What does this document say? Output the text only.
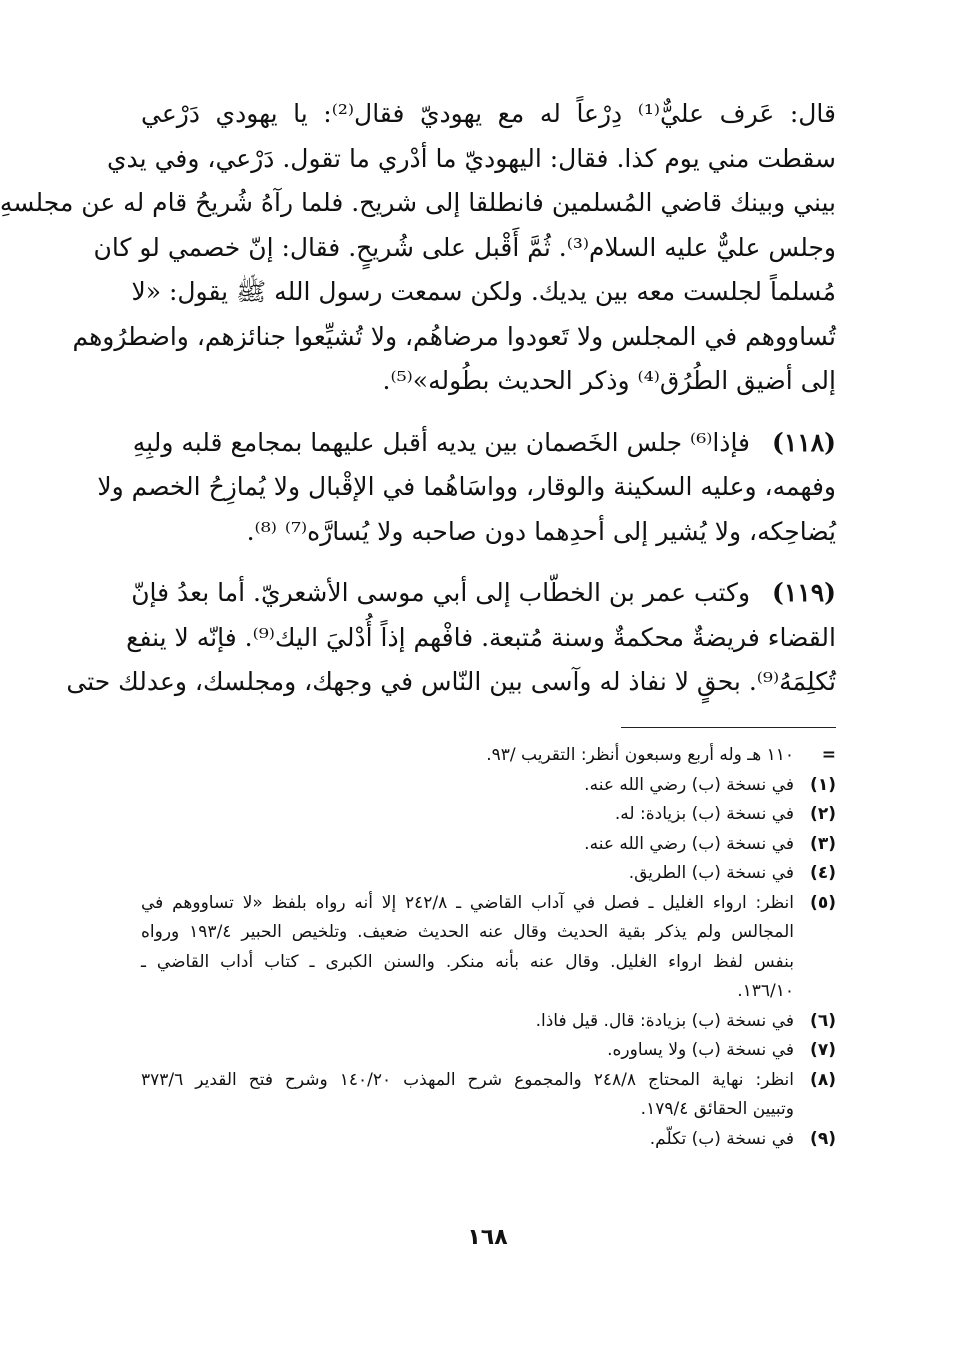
قال: عَرف عليٌّ⁽¹⁾ دِرْعاً له مع يهوديّ فقال⁽²⁾: يا يهودي دَرْعي
سقطت مني يوم كذا. فقال: اليهوديّ ما أدْري ما تقول. دَرْعي، وفي يدي
بيني وبينك قاضي المُسلمين فانطلقا إلى شريح. فلما رآهُ شُريحُ قام له عن مجلسهِ
وجلس عليٌّ عليه السلام⁽³⁾. ثُمَّ أَقْبل على شُريحٍ. فقال: إنّ خصمي لو كان
مُسلماً لجلست معه بين يديك. ولكن سمعت رسول الله ﷺ يقول: «لا
تُساووهم في المجلس ولا تَعودوا مرضاهُم، ولا تُشيِّعوا جنائزهم، واضطرُوهم
إلى أضيق الطُرُق⁽⁴⁾ وذكر الحديث بطُوله»⁽⁵⁾.
(١١٨)فإذا⁽⁶⁾ جلس الخَصمان بين يديه أقبل عليهما بمجامع قلبه ولبِهِ
وفهمه، وعليه السكينة والوقار، وواسَاهُما في الإقْبال ولا يُمازِحُ الخصم ولا
يُضاحِكه، ولا يُشير إلى أحدِهما دون صاحبه ولا يُسارَّه⁽⁷⁾ ⁽⁸⁾.
(١١٩)وكتب عمر بن الخطّاب إلى أبي موسى الأشعريّ. أما بعدُ فإنّ
القضاء فريضةٌ محكمةٌ وسنة مُتبعة. فافْهم إذاً أُدْليَ اليك⁽⁹⁾. فإنّه لا ينفع
تُكلِمَهُ⁽⁹⁾. بحقٍ لا نفاذ له وآسى بين النّاس في وجهك، ومجلسك، وعدلك حتى
=
١١٠ هـ وله أربع وسبعون أنظر: التقريب /٩٣.
(١)
في نسخة (ب) رضي الله عنه.
(٢)
في نسخة (ب) بزيادة: له.
(٣)
في نسخة (ب) رضي الله عنه.
(٤)
في نسخة (ب) الطريق.
(٥)
انظر: ارواء الغليل ـ فصل في آداب القاضي ـ ٢٤٢/٨ إلا أنه رواه بلفظ «لا تساووهم في
المجالس ولم يذكر بقية الحديث وقال عنه الحديث ضعيف. وتلخيص الحبير ١٩٣/٤ ورواه
بنفس لفظ ارواء الغليل. وقال عنه بأنه منكر. والسنن الكبرى ـ كتاب أداب القاضي ـ
١٣٦/١٠.
(٦)
في نسخة (ب) بزيادة: قال. قيل فاذا.
(٧)
في نسخة (ب) ولا يساوره.
(٨)
انظر: نهاية المحتاج ٢٤٨/٨ والمجموع شرح المهذب ١٤٠/٢٠ وشرح فتح القدير ٣٧٣/٦
وتبيين الحقائق ١٧٩/٤.
(٩)
في نسخة (ب) تكلّم.
١٦٨
